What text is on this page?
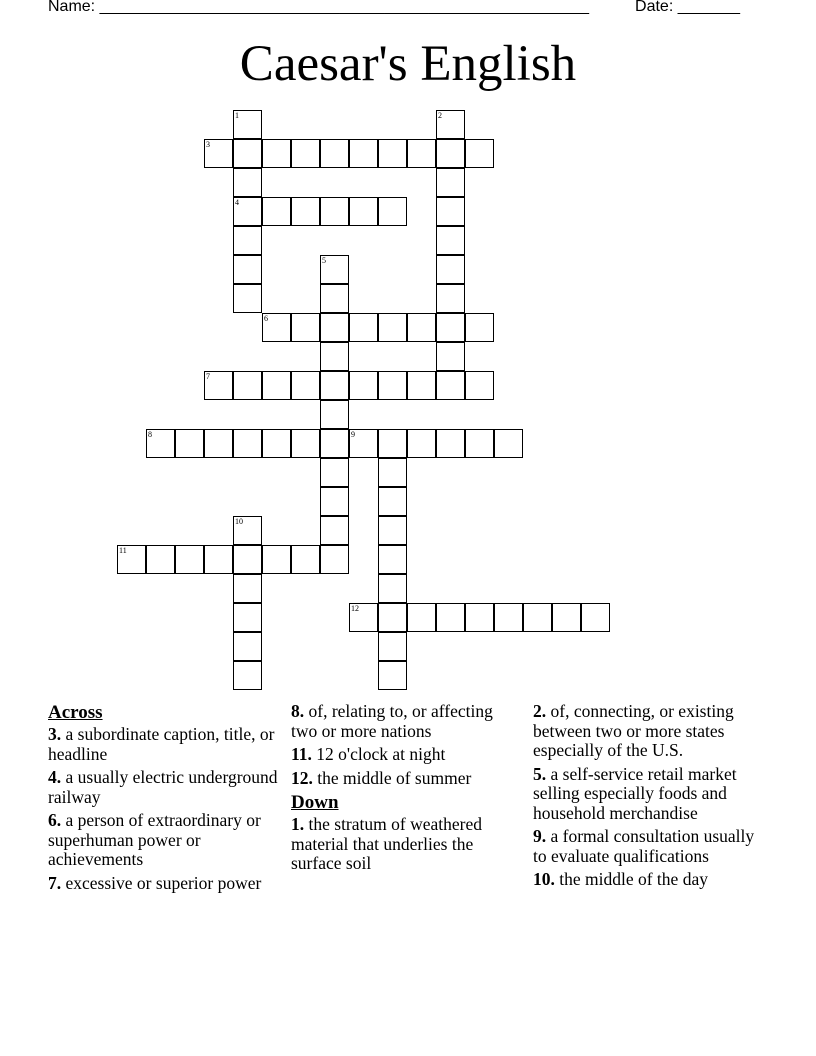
Name: _______________________________________________________	Date: _______
Caesar's English
1	2
3
4
5
6
7
8	9
10
11
12
Across
3. a subordinate caption, title, or headline
4. a usually electric underground railway
6. a person of extraordinary or superhuman power or achievements
7. excessive or superior power
8. of, relating to, or affecting two or more nations
11. 12 o'clock at night
12. the middle of summer
Down
1. the stratum of weathered material that underlies the surface soil
2. of, connecting, or existing between two or more states especially of the U.S.
5. a self-service retail market selling especially foods and household merchandise
9. a formal consultation usually to evaluate qualifications
10. the middle of the day
